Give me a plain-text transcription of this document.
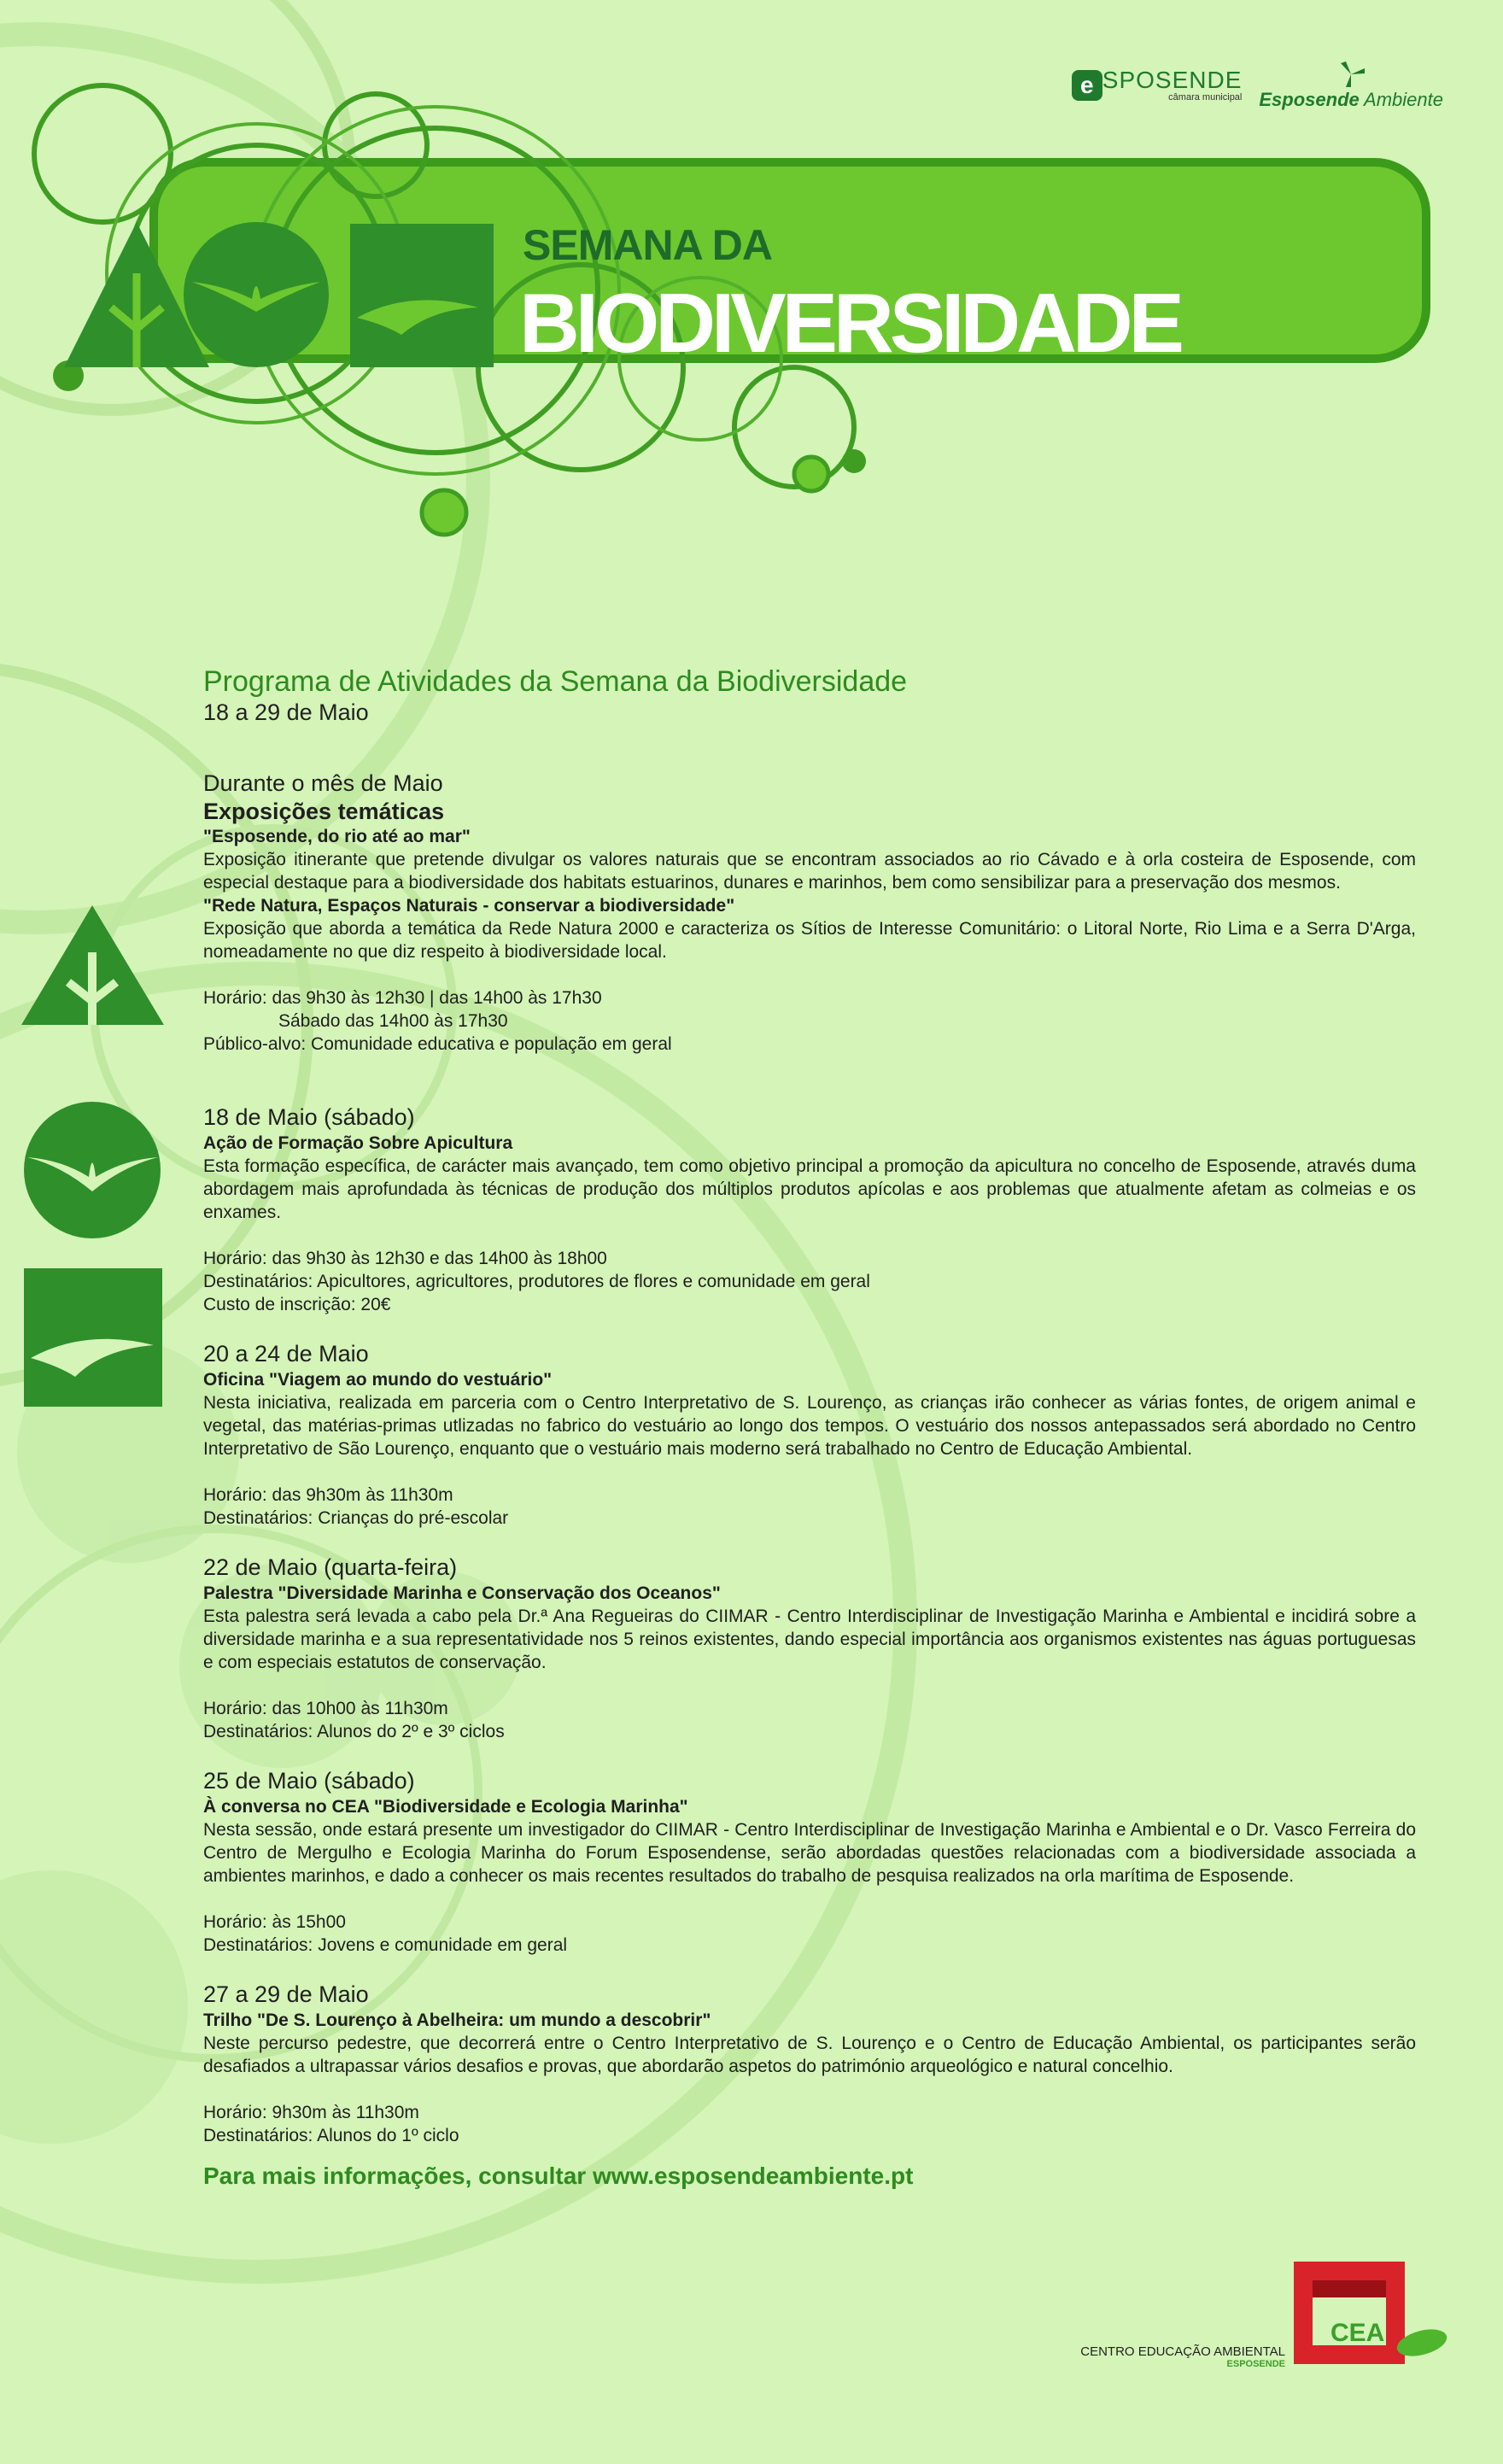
e SPOSENDE
câmara municipal Esposende Ambiente
SEMANA DA
BIODIVERSIDADE
Programa de Atividades da Semana da Biodiversidade
18 a 29 de Maio
Durante o mês de Maio
Exposições temáticas
"Esposende, do rio até ao mar"

Exposição itinerante que pretende divulgar os valores naturais que se encontram associados ao rio Cávado e à orla costeira de Esposende, com especial destaque para a biodiversidade dos habitats estuarinos, dunares e marinhos, bem como sensibilizar para a preservação dos mesmos.

"Rede Natura, Espaços Naturais - conservar a biodiversidade"

Exposição que aborda a temática da Rede Natura 2000 e caracteriza os Sítios de Interesse Comunitário: o Litoral Norte, Rio Lima e a Serra D'Arga, nomeadamente no que diz respeito à biodiversidade local.

Horário: das 9h30 às 12h30 | das 14h00 às 17h30
Sábado das 14h00 às 17h30
Público-alvo: Comunidade educativa e população em geral
18 de Maio (sábado)
Ação de Formação Sobre Apicultura

Esta formação específica, de carácter mais avançado, tem como objetivo principal a promoção da apicultura no concelho de Esposende, através duma abordagem mais aprofundada às técnicas de produção dos múltiplos produtos apícolas e aos problemas que atualmente afetam as colmeias e os enxames.

Horário: das 9h30 às 12h30 e das 14h00 às 18h00
Destinatários: Apicultores, agricultores, produtores de flores e comunidade em geral
Custo de inscrição: 20€
20 a 24 de Maio
Oficina "Viagem ao mundo do vestuário"

Nesta iniciativa, realizada em parceria com o Centro Interpretativo de S. Lourenço, as crianças irão conhecer as várias fontes, de origem animal e vegetal, das matérias-primas utlizadas no fabrico do vestuário ao longo dos tempos. O vestuário dos nossos antepassados será abordado no Centro Interpretativo de São Lourenço, enquanto que o vestuário mais moderno será trabalhado no Centro de Educação Ambiental.

Horário: das 9h30m às 11h30m
Destinatários: Crianças do pré-escolar
22 de Maio (quarta-feira)
Palestra "Diversidade Marinha e Conservação dos Oceanos"

Esta palestra será levada a cabo pela Dr.ª Ana Regueiras do CIIMAR - Centro Interdisciplinar de Investigação Marinha e Ambiental e incidirá sobre a diversidade marinha e a sua representatividade nos 5 reinos existentes, dando especial importância aos organismos existentes nas águas portuguesas e com especiais estatutos de conservação.

Horário: das 10h00 às 11h30m
Destinatários: Alunos do 2º e 3º ciclos
25 de Maio (sábado)
À conversa no CEA "Biodiversidade e Ecologia Marinha"

Nesta sessão, onde estará presente um investigador do CIIMAR - Centro Interdisciplinar de Investigação Marinha e Ambiental e o Dr. Vasco Ferreira do Centro de Mergulho e Ecologia Marinha do Forum Esposendense, serão abordadas questões relacionadas com a biodiversidade associada a ambientes marinhos, e dado a conhecer os mais recentes resultados do trabalho de pesquisa realizados na orla marítima de Esposende.

Horário: às 15h00
Destinatários: Jovens e comunidade em geral
27 a 29 de Maio
Trilho "De S. Lourenço à Abelheira: um mundo a descobrir"

Neste percurso pedestre, que decorrerá entre o Centro Interpretativo de S. Lourenço e o Centro de Educação Ambiental, os participantes serão desafiados a ultrapassar vários desafios e provas, que abordarão aspetos do património arqueológico e natural concelhio.

Horário: 9h30m às 11h30m
Destinatários: Alunos do 1º ciclo
Para mais informações, consultar www.esposendeambiente.pt
CENTRO EDUCAÇÃO AMBIENTAL
ESPOSENDE
CEA
